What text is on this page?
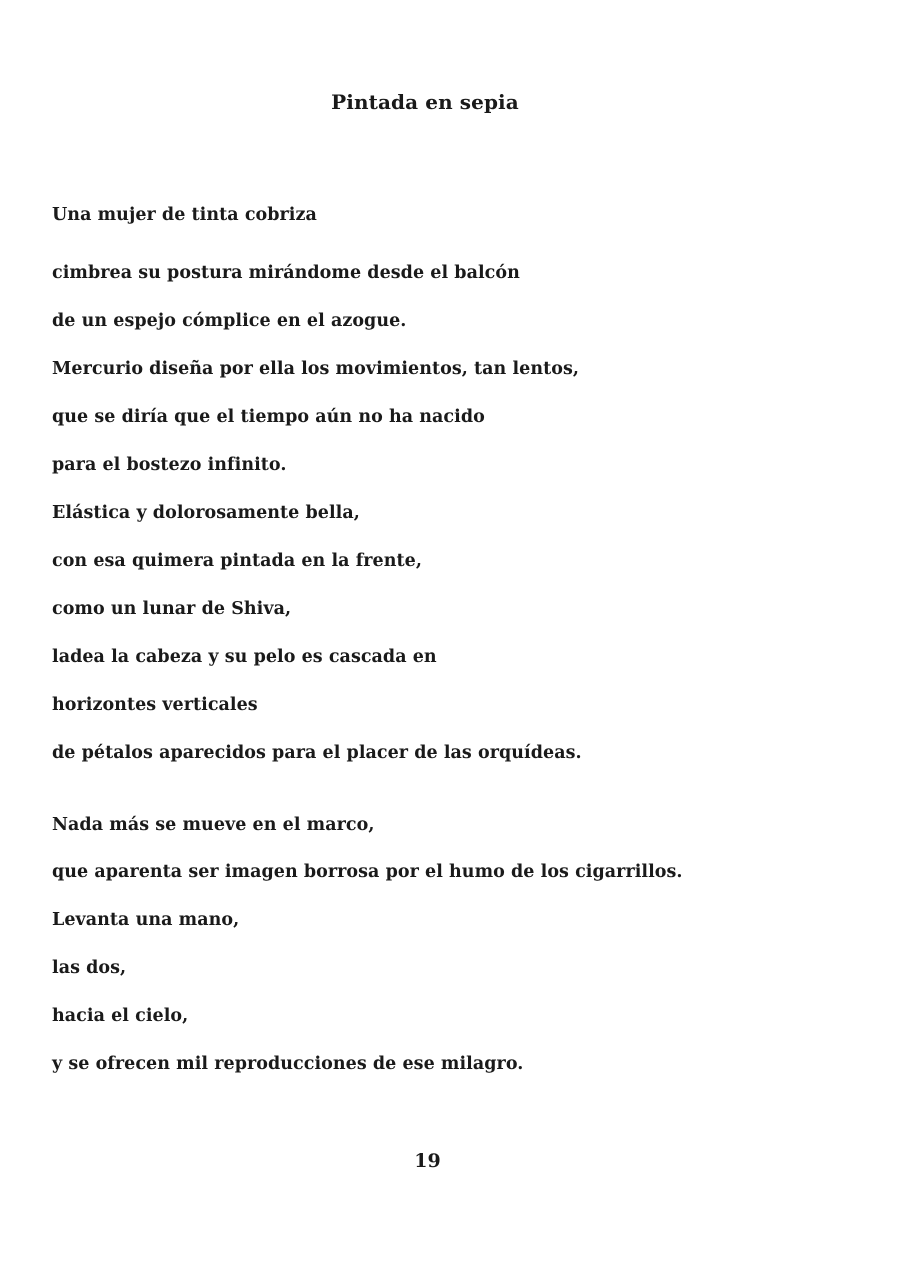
Pintada en sepia
Una mujer de tinta cobriza
cimbrea su postura mirándome desde el balcón
de un espejo cómplice en el azogue.
Mercurio diseña por ella los movimientos, tan lentos,
que se diría que el tiempo aún no ha nacido
para el bostezo infinito.
Elástica y dolorosamente bella,
con esa quimera pintada en la frente,
como un lunar de Shiva,
ladea la cabeza y su pelo es cascada en
horizontes verticales
de pétalos aparecidos para el placer de las orquídeas.
Nada más se mueve en el marco,
que aparenta ser imagen borrosa por el humo de los cigarrillos.
Levanta una mano,
las dos,
hacia el cielo,
y se ofrecen mil reproducciones de ese milagro.
19
